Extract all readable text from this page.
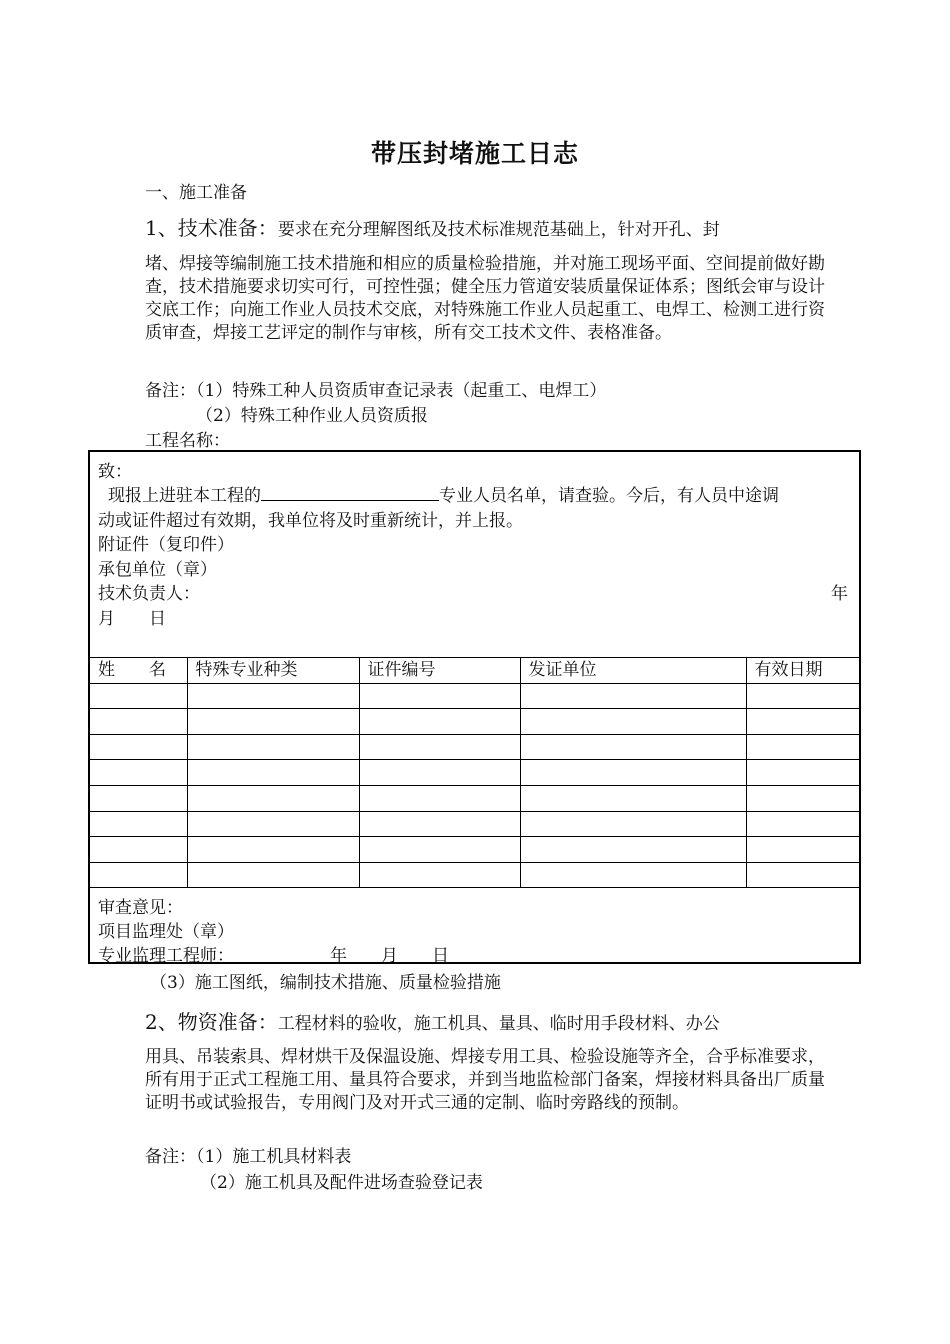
带压封堵施工日志
一、施工准备
1、技术准备：要求在充分理解图纸及技术标准规范基础上，针对开孔、封
堵、焊接等编制施工技术措施和相应的质量检验措施，并对施工现场平面、空间提前做好勘查，技术措施要求切实可行，可控性强；健全压力管道安装质量保证体系；图纸会审与设计交底工作；向施工作业人员技术交底，对特殊施工作业人员起重工、电焊工、检测工进行资质审查，焊接工艺评定的制作与审核，所有交工技术文件、表格准备。
备注：（1）特殊工种人员资质审查记录表（起重工、电焊工）
（2）特殊工种作业人员资质报
工程名称：
致：
现报上进驻本工程的	专业人员名单，请查验。今后，有人员中途调
动或证件超过有效期，我单位将及时重新统计，并上报。
附证件（复印件）
承包单位（章）
技术负责人：	年
月　　日
姓　　名	特殊专业种类	证件编号	发证单位	有效日期

审查意见：
项目监理处（章）
专业监理工程师：	年　　月　　日
（3）施工图纸，编制技术措施、质量检验措施
2、物资准备：工程材料的验收，施工机具、量具、临时用手段材料、办公
用具、吊装索具、焊材烘干及保温设施、焊接专用工具、检验设施等齐全，合乎标准要求，所有用于正式工程施工用、量具符合要求，并到当地监检部门备案，焊接材料具备出厂质量证明书或试验报告，专用阀门及对开式三通的定制、临时旁路线的预制。
备注：（1）施工机具材料表
（2）施工机具及配件进场查验登记表
